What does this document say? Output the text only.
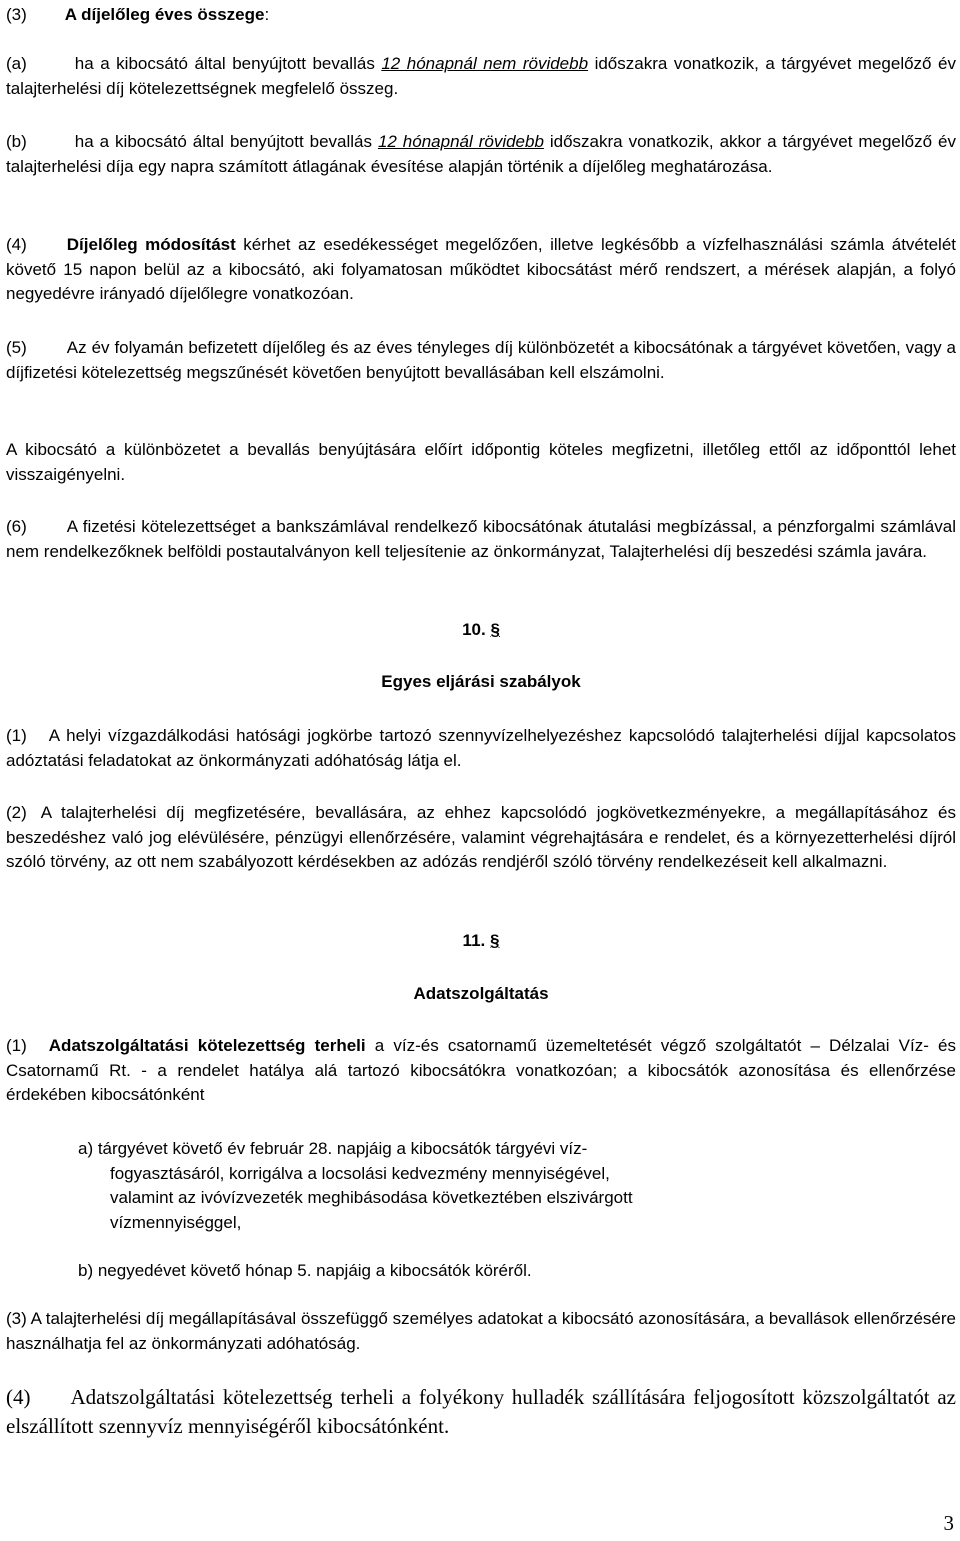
(3) A díjelőleg éves összege:

(a)	ha a kibocsátó által benyújtott bevallás 12 hónapnál nem rövidebb időszakra vonatkozik, a tárgyévet megelőző év talajterhelési díj kötelezettségnek megfelelő összeg.

(b)	ha a kibocsátó által benyújtott bevallás 12 hónapnál rövidebb időszakra vonatkozik, akkor a tárgyévet megelőző év talajterhelési díja egy napra számított átlagának évesítése alapján történik a díjelőleg meghatározása.

(4) Díjelőleg módosítást kérhet az esedékességet megelőzően, illetve legkésőbb a vízfelhasználási számla átvételét követő 15 napon belül az a kibocsátó, aki folyamatosan működtet kibocsátást mérő rendszert, a mérések alapján, a folyó negyedévre irányadó díjelőlegre vonatkozóan.

(5) Az év folyamán befizetett díjelőleg és az éves tényleges díj különbözetét a kibocsátónak a tárgyévet követően, vagy a díjfizetési kötelezettség megszűnését követően benyújtott bevallásában kell elszámolni.

A kibocsátó a különbözetet a bevallás benyújtására előírt időpontig köteles megfizetni, illetőleg ettől az időponttól lehet visszaigényelni.

(6) A fizetési kötelezettséget a bankszámlával rendelkező kibocsátónak átutalási megbízással, a pénzforgalmi számlával nem rendelkezőknek belföldi postautalványon kell teljesítenie az önkormányzat, Talajterhelési díj beszedési számla javára.

10. §
Egyes eljárási szabályok

(1) A helyi vízgazdálkodási hatósági jogkörbe tartozó szennyvízelhelyezéshez kapcsolódó talajterhelési díjjal kapcsolatos adóztatási feladatokat az önkormányzati adóhatóság látja el.

(2) A talajterhelési díj megfizetésére, bevallására, az ehhez kapcsolódó jogkövetkezményekre, a megállapításához és beszedéshez való jog elévülésére, pénzügyi ellenőrzésére, valamint végrehajtására e rendelet, és a környezetterhelési díjról szóló törvény, az ott nem szabályozott kérdésekben az adózás rendjéről szóló törvény rendelkezéseit kell alkalmazni.

11. §
Adatszolgáltatás

(1) Adatszolgáltatási kötelezettség terheli a víz-és csatornamű üzemeltetését végző szolgáltatót – Délzalai Víz- és Csatornamű Rt. - a rendelet hatálya alá tartozó kibocsátókra vonatkozóan; a kibocsátók azonosítása és ellenőrzése érdekében kibocsátónként

a) tárgyévet követő év február 28. napjáig a kibocsátók tárgyévi víz-
fogyasztásáról, korrigálva a locsolási kedvezmény mennyiségével,
valamint az ivóvízvezeték meghibásodása következtében elszivárgott
vízmennyiséggel,
b) negyedévet követő hónap 5. napjáig a kibocsátók köréről.

(3) A talajterhelési díj megállapításával összefüggő személyes adatokat a kibocsátó azonosítására, a bevallások ellenőrzésére használhatja fel az önkormányzati adóhatóság.

(4) Adatszolgáltatási kötelezettség terheli a folyékony hulladék szállítására feljogosított közszolgáltatót az elszállított szennyvíz mennyiségéről kibocsátónként.

3
